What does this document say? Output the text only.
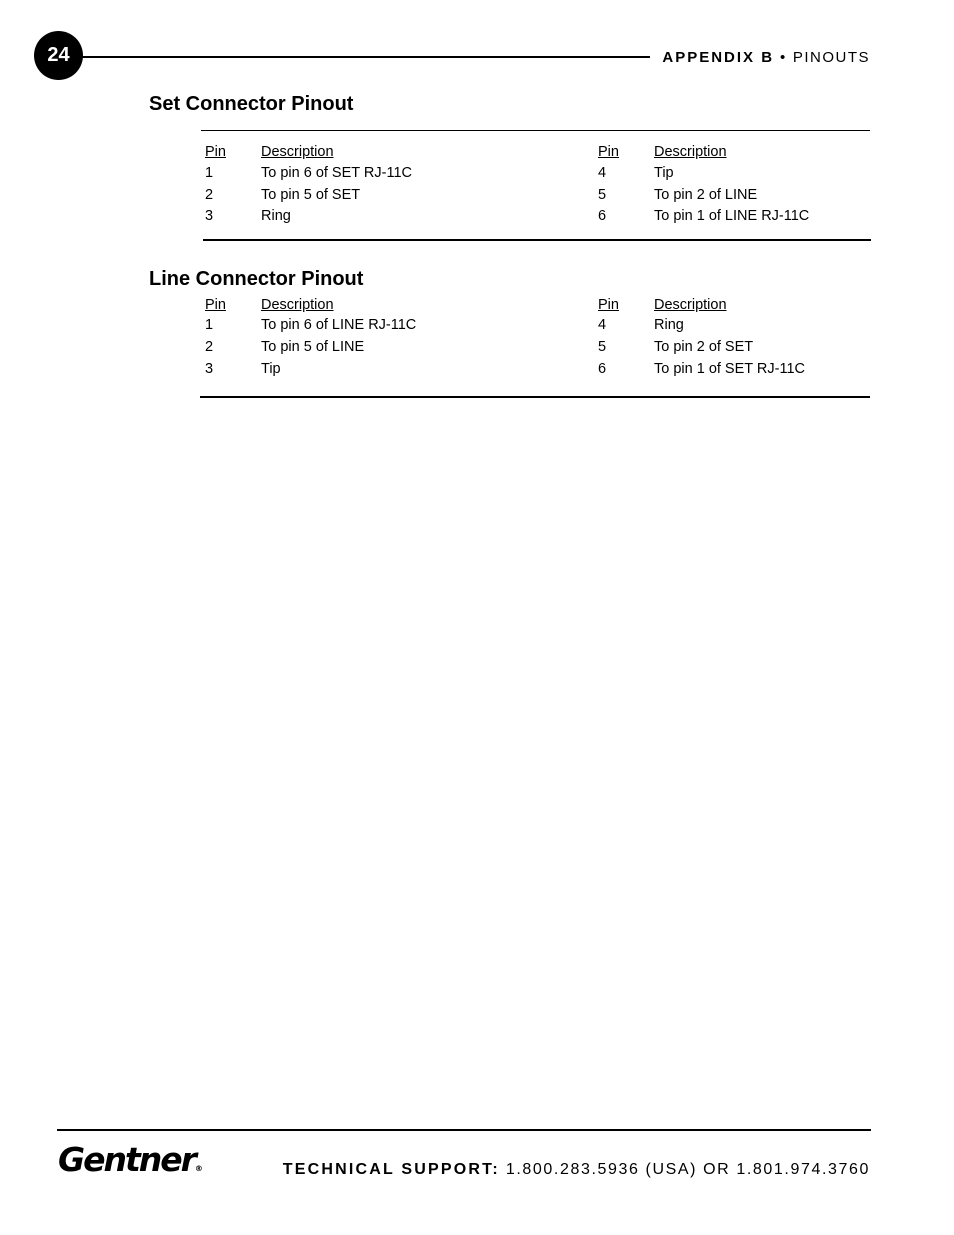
24	APPENDIX B • PINOUTS
Set Connector Pinout
Pin Description	Pin Description
1	To pin 6 of SET RJ-11C	4	Tip
2	To pin 5 of SET	5	To pin 2 of LINE
3	Ring	6	To pin 1 of LINE RJ-11C
Line Connector Pinout
Pin Description	Pin Description
1	To pin 6 of LINE RJ-11C	4	Ring
2	To pin 5 of LINE	5	To pin 2 of SET
3	Tip	6	To pin 1 of SET RJ-11C
Gentner®	TECHNICAL SUPPORT: 1.800.283.5936 (USA) OR 1.801.974.3760
